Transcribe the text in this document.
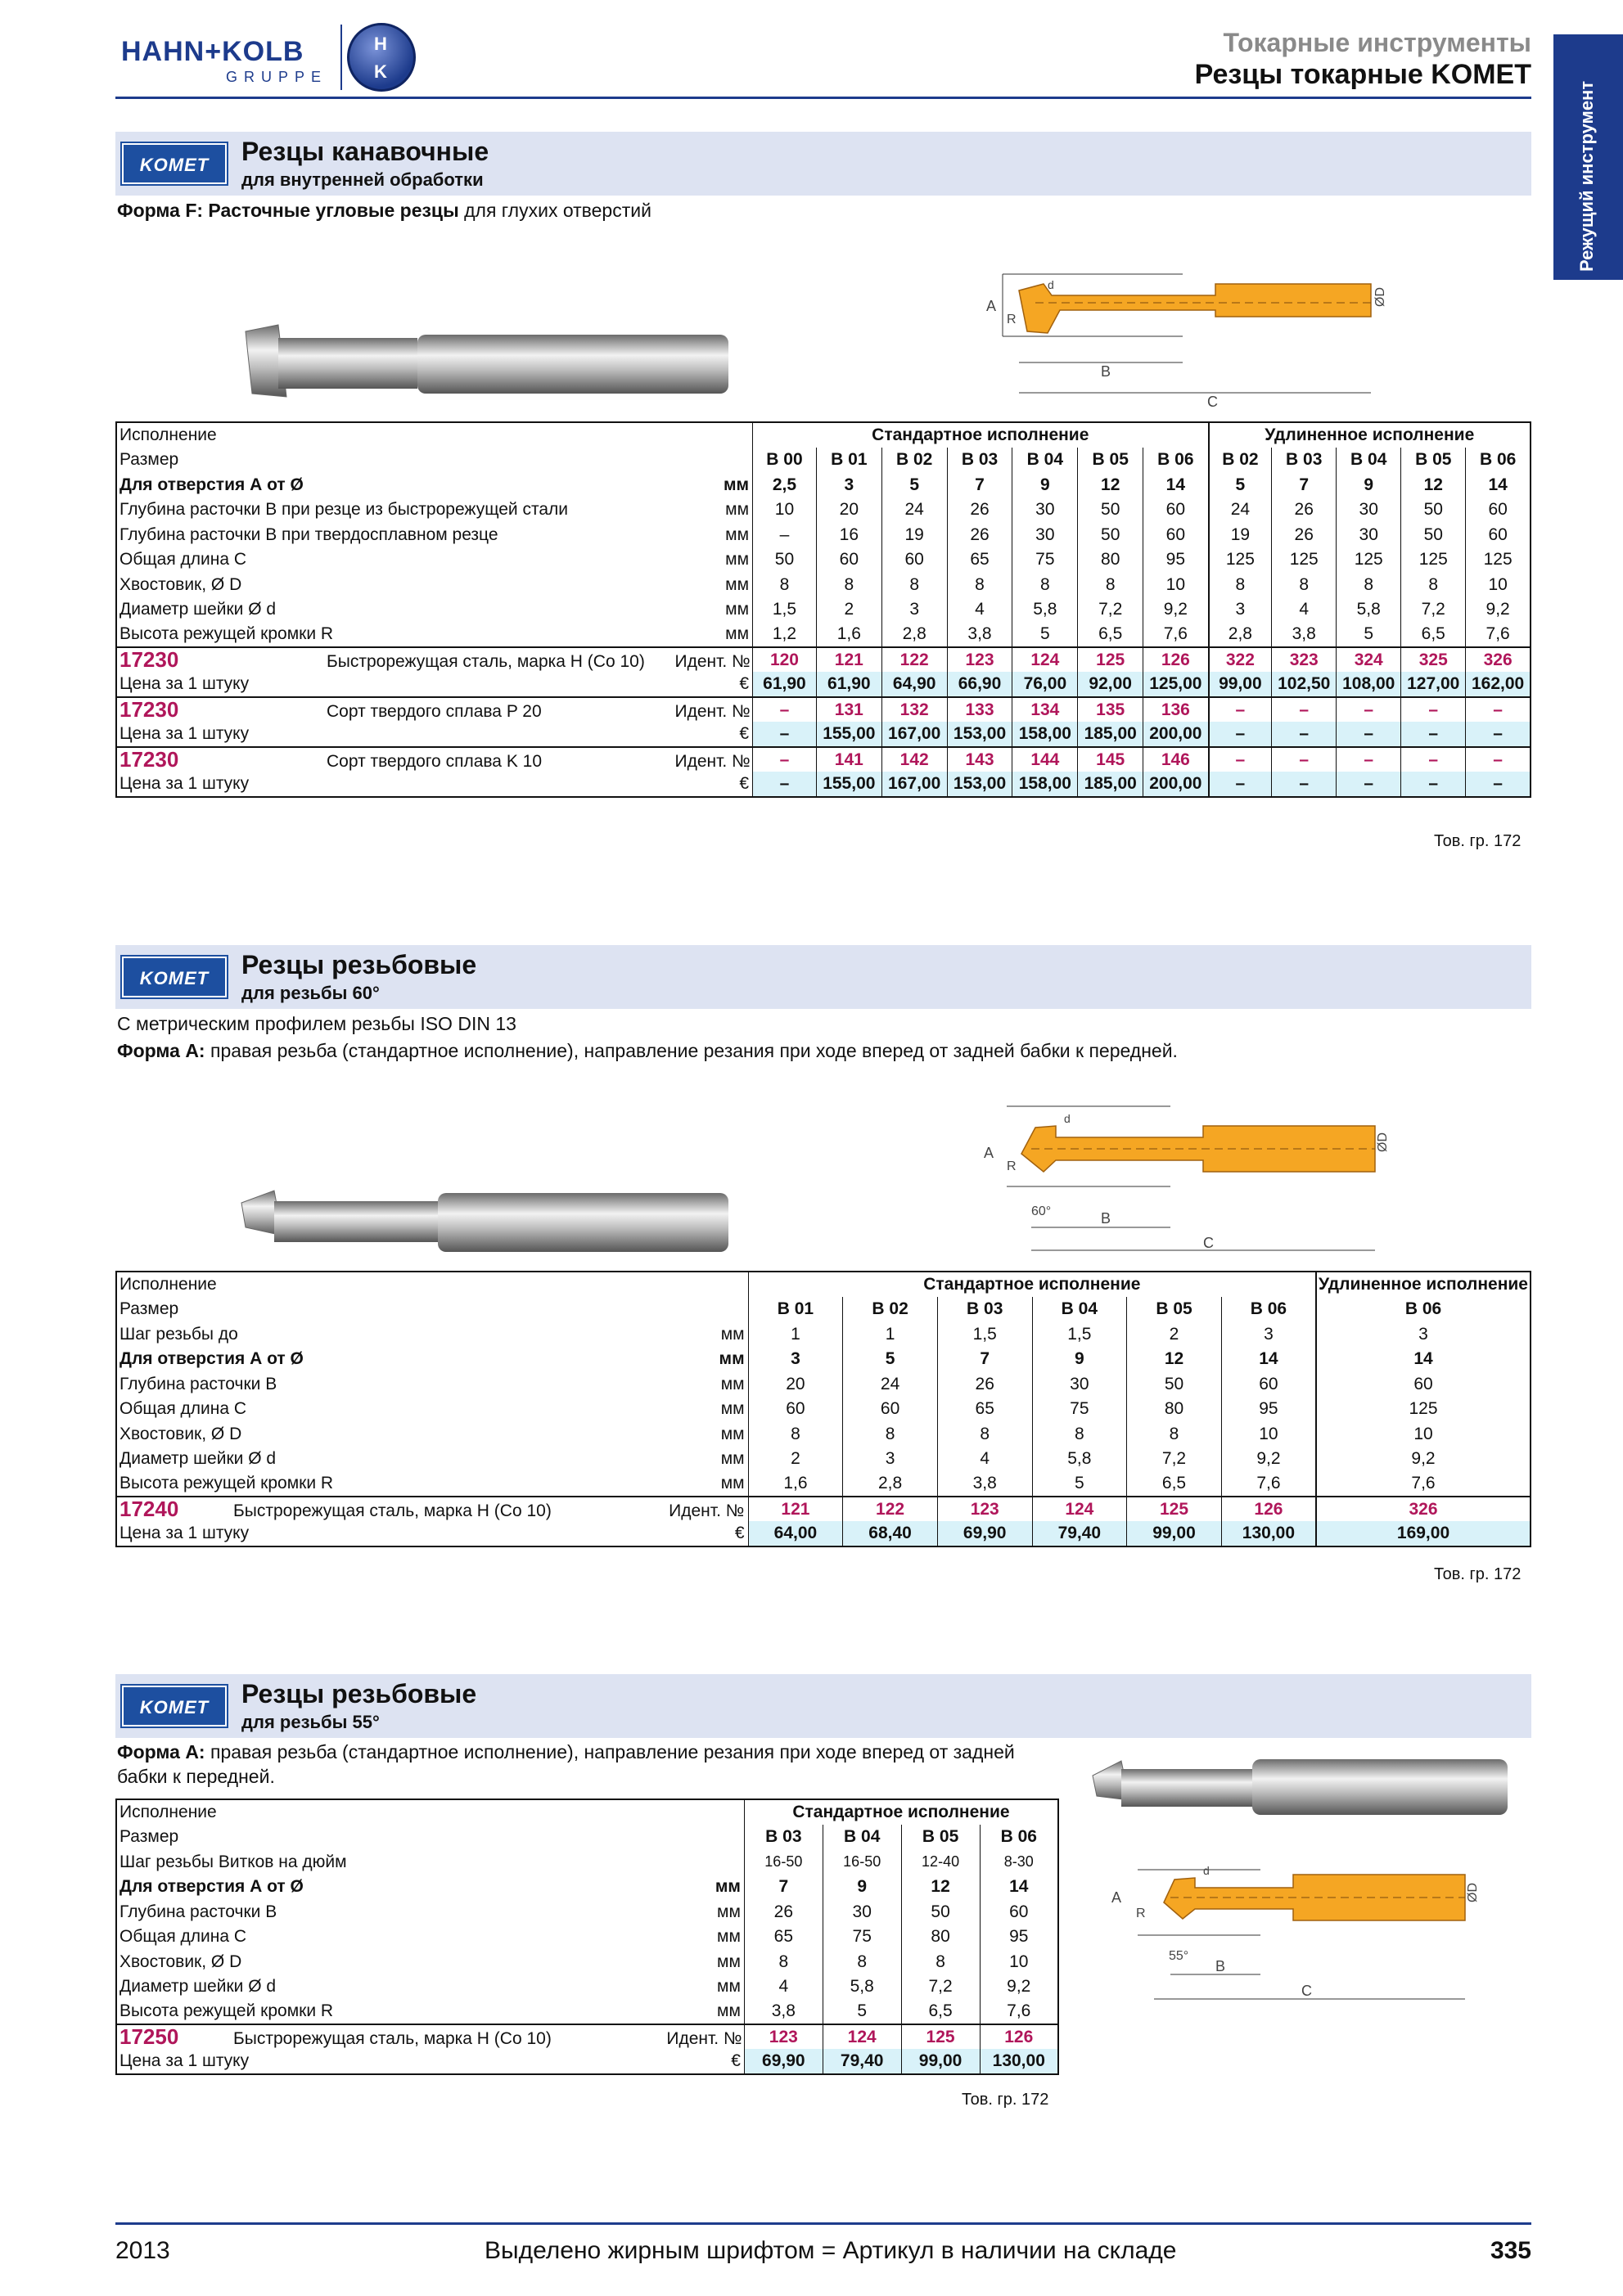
HAHN+KOLB
GRUPPE
H
K
Токарные инструменты
Резцы токарные KOMET
Режущий инструмент
KOMET	Резцы канавочные
для внутренней обработки
Форма F: Расточные угловые резцы для глухих отверстий
A
R
d
ØD
B
C
Исполнение		Стандартное исполнение							Удлиненное исполнение				
Размер		B 00	B 01	B 02	B 03	B 04	B 05	B 06	B 02	B 03	B 04	B 05	B 06
Для отверстия А от Ø	мм	2,5	3	5	7	9	12	14	5	7	9	12	14
Глубина расточки В при резце из быстрорежущей стали	мм	10	20	24	26	30	50	60	24	26	30	50	60
Глубина расточки В при твердосплавном резце	мм	–	16	19	26	30	50	60	19	26	30	50	60
Общая длина C	мм	50	60	60	65	75	80	95	125	125	125	125	125
Хвостовик, Ø D	мм	8	8	8	8	8	8	10	8	8	8	8	10
Диаметр шейки Ø d	мм	1,5	2	3	4	5,8	7,2	9,2	3	4	5,8	7,2	9,2
Высота режущей кромки R	мм	1,2	1,6	2,8	3,8	5	6,5	7,6	2,8	3,8	5	6,5	7,6
17230 Быстрорежущая сталь, марка H (Co 10) Идент. №		120	121	122	123	124	125	126	322	323	324	325	326
Цена за 1 штуку	€	61,90	61,90	64,90	66,90	76,00	92,00	125,00	99,00	102,50	108,00	127,00	162,00
17230 Сорт твердого сплава P 20 Идент. №		–	131	132	133	134	135	136	–	–	–	–	–
Цена за 1 штуку	€	–	155,00	167,00	153,00	158,00	185,00	200,00	–	–	–	–	–
17230 Сорт твердого сплава K 10 Идент. №		–	141	142	143	144	145	146	–	–	–	–	–
Цена за 1 штуку	€	–	155,00	167,00	153,00	158,00	185,00	200,00	–	–	–	–	–
Тов. гр. 172
KOMET	Резцы резьбовые
для резьбы 60°
С метрическим профилем резьбы ISO DIN 13
Форма A: правая резьба (стандартное исполнение), направление резания при ходе вперед от задней бабки к передней.
A
R
d
ØD
60°	B
C
Исполнение		Стандартное исполнение						Удлиненное исполнение
Размер		B 01	B 02	B 03	B 04	B 05	B 06	B 06
Шаг резьбы до	мм	1	1	1,5	1,5	2	3	3
Для отверстия А от Ø	мм	3	5	7	9	12	14	14
Глубина расточки В	мм	20	24	26	30	50	60	60
Общая длина C	мм	60	60	65	75	80	95	125
Хвостовик, Ø D	мм	8	8	8	8	8	10	10
Диаметр шейки Ø d	мм	2	3	4	5,8	7,2	9,2	9,2
Высота режущей кромки R	мм	1,6	2,8	3,8	5	6,5	7,6	7,6
17240 Быстрорежущая сталь, марка H (Co 10) Идент. №		121	122	123	124	125	126	326
Цена за 1 штуку	€	64,00	68,40	69,90	79,40	99,00	130,00	169,00
Тов. гр. 172
KOMET	Резцы резьбовые
для резьбы 55°
Форма A: правая резьба (стандартное исполнение), направление резания при ходе вперед от задней
бабки к передней.
A
R
d
ØD
55°
B
C
Исполнение		Стандартное исполнение			
Размер		B 03	B 04	B 05	B 06
Шаг резьбы Витков на дюйм		16-50	16-50	12-40	8-30
Для отверстия А от Ø	мм	7	9	12	14
Глубина расточки В	мм	26	30	50	60
Общая длина C	мм	65	75	80	95
Хвостовик, Ø D	мм	8	8	8	10
Диаметр шейки Ø d	мм	4	5,8	7,2	9,2
Высота режущей кромки R	мм	3,8	5	6,5	7,6
17250 Быстрорежущая сталь, марка H (Co 10) Идент. №		123	124	125	126
Цена за 1 штуку	€	69,90	79,40	99,00	130,00
Тов. гр. 172
2013	Выделено жирным шрифтом = Артикул в наличии на складе	335
